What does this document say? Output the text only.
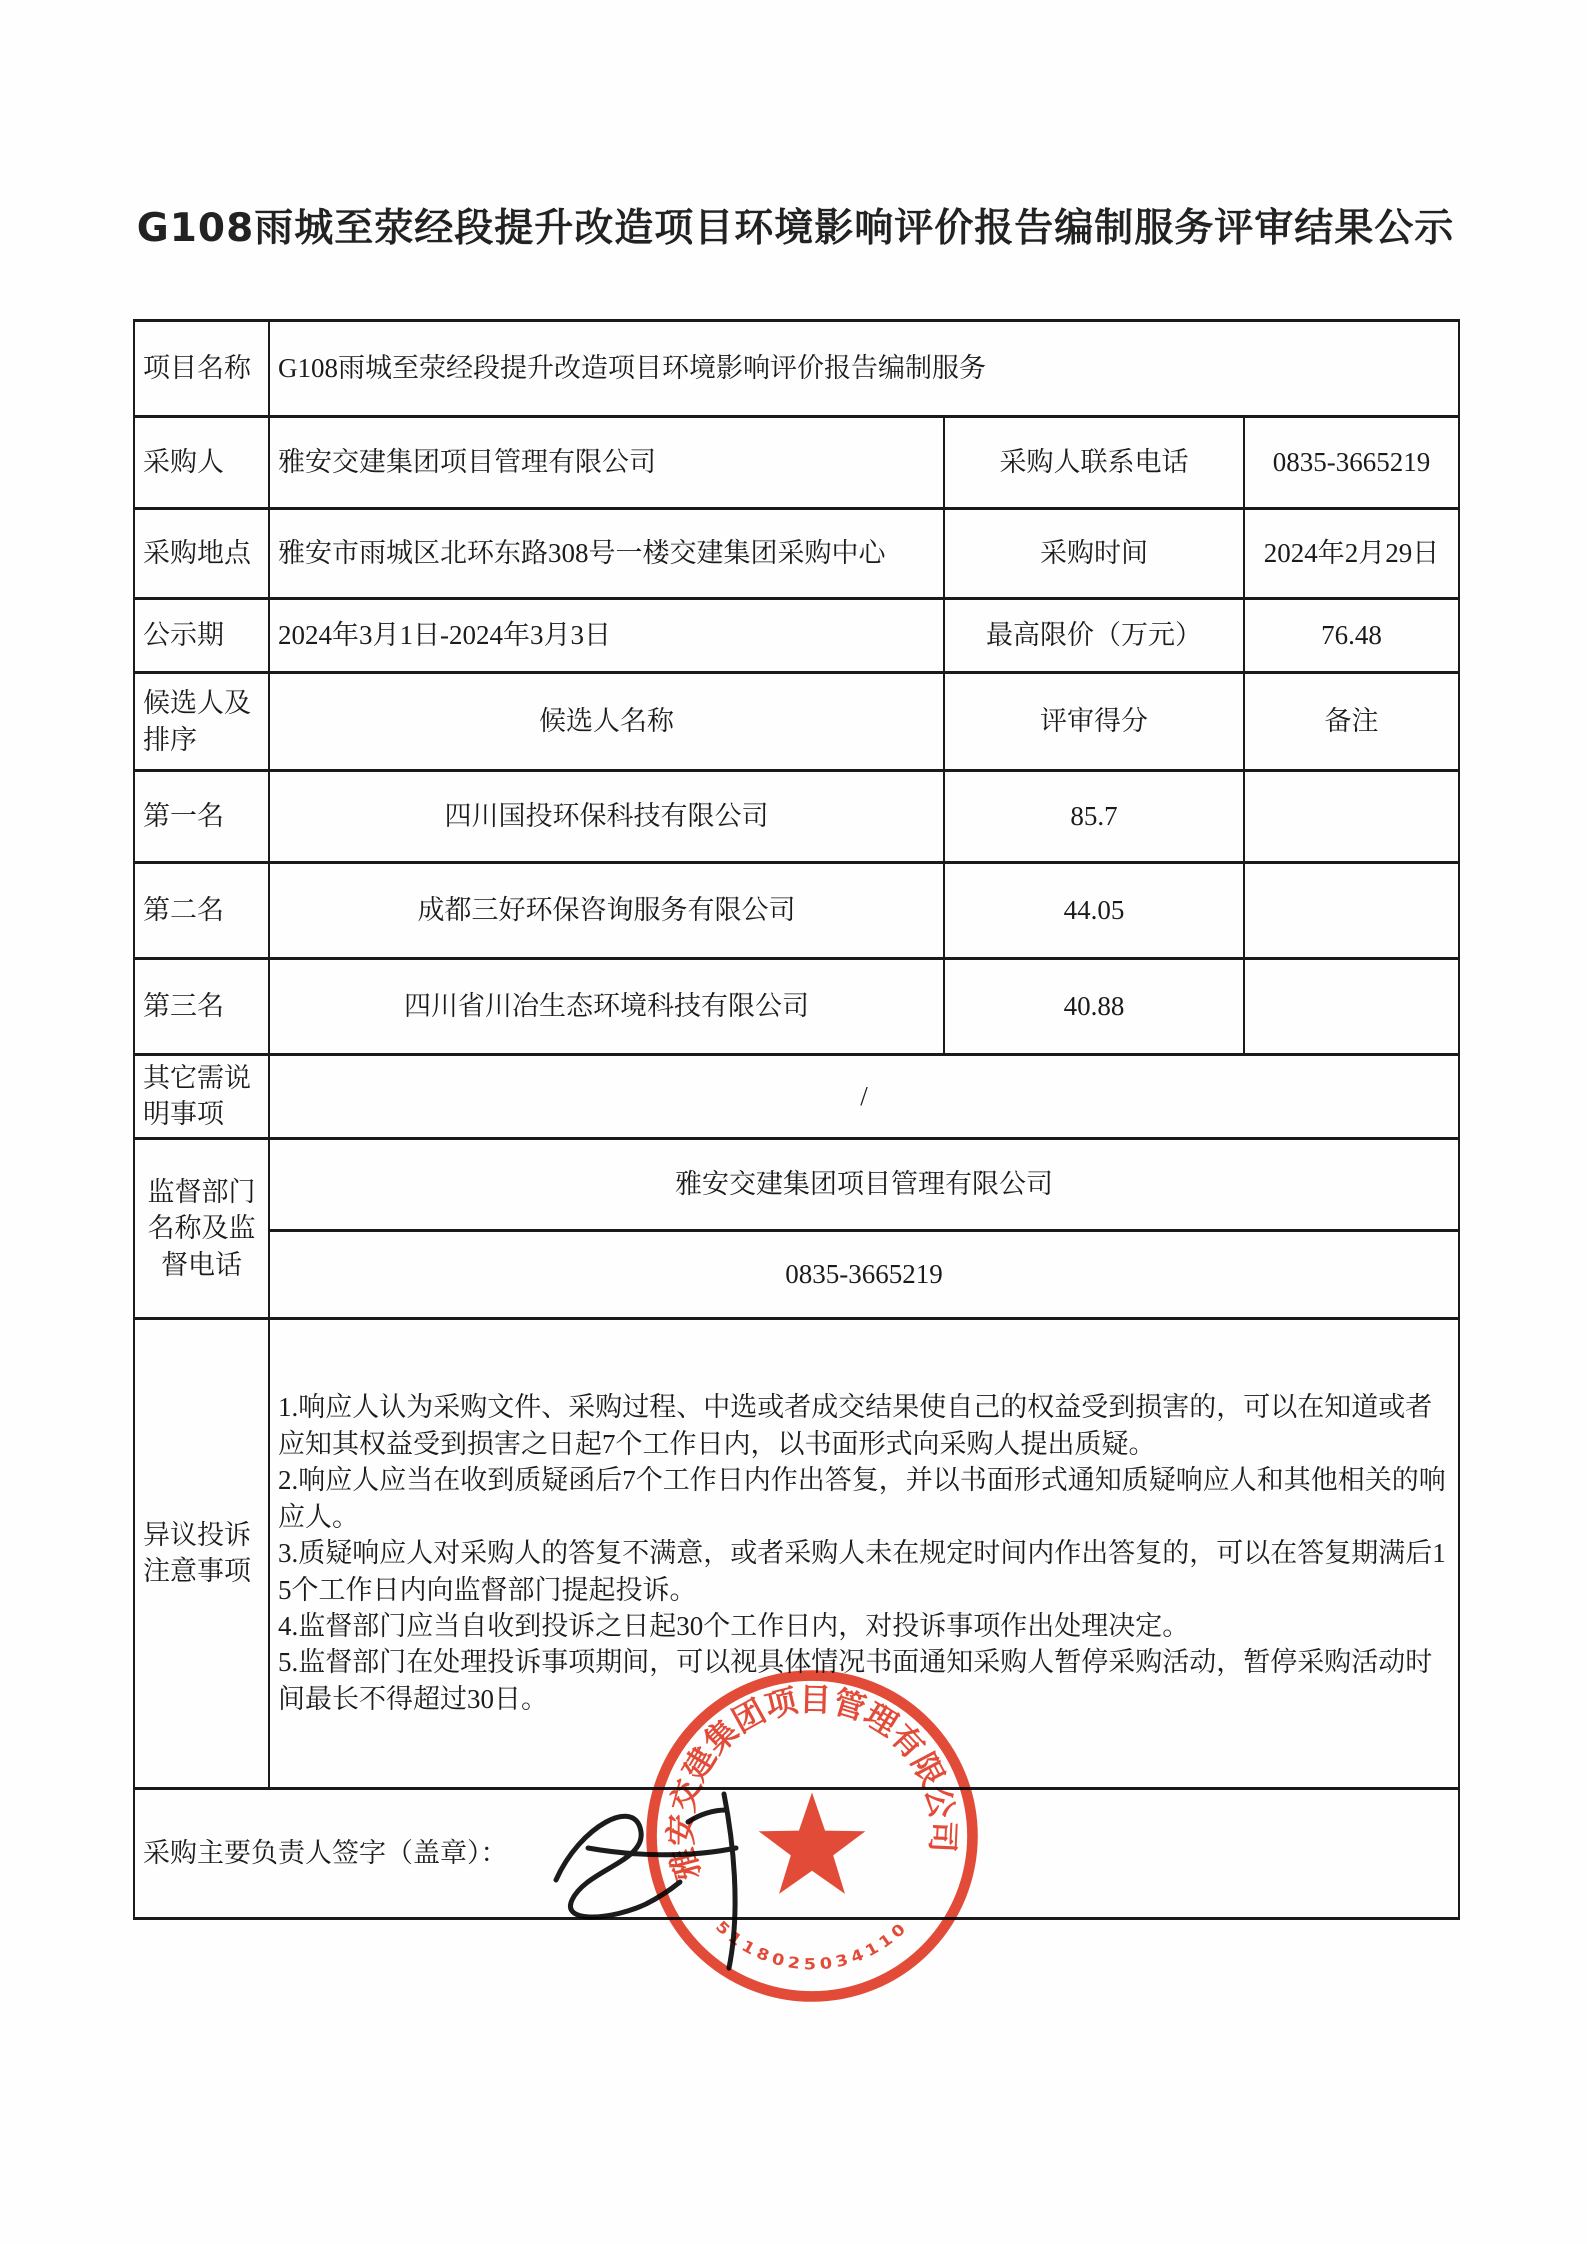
G108雨城至荥经段提升改造项目环境影响评价报告编制服务评审结果公示
项目名称	G108雨城至荥经段提升改造项目环境影响评价报告编制服务		
采购人	雅安交建集团项目管理有限公司	采购人联系电话	0835-3665219
采购地点	雅安市雨城区北环东路308号一楼交建集团采购中心	采购时间	2024年2月29日
公示期	2024年3月1日-2024年3月3日	最高限价（万元）	76.48
候选人及排序	候选人名称	评审得分	备注
第一名	四川国投环保科技有限公司	85.7	
第二名	成都三好环保咨询服务有限公司	44.05	
第三名	四川省川冶生态环境科技有限公司	40.88	
其它需说明事项	/		
监督部门名称及监督电话	雅安交建集团项目管理有限公司		
	0835-3665219		
异议投诉注意事项	1.响应人认为采购文件、采购过程、中选或者成交结果使自己的权益受到损害的，可以在知道或者应知其权益受到损害之日起7个工作日内，以书面形式向采购人提出质疑。
2.响应人应当在收到质疑函后7个工作日内作出答复，并以书面形式通知质疑响应人和其他相关的响应人。
3.质疑响应人对采购人的答复不满意，或者采购人未在规定时间内作出答复的，可以在答复期满后15个工作日内向监督部门提起投诉。
4.监督部门应当自收到投诉之日起30个工作日内，对投诉事项作出处理决定。
5.监督部门在处理投诉事项期间，可以视具体情况书面通知采购人暂停采购活动，暂停采购活动时间最长不得超过30日。		

采购主要负责人签字（盖章）：				雅安交建集团项目管理有限公司
5118025034110
